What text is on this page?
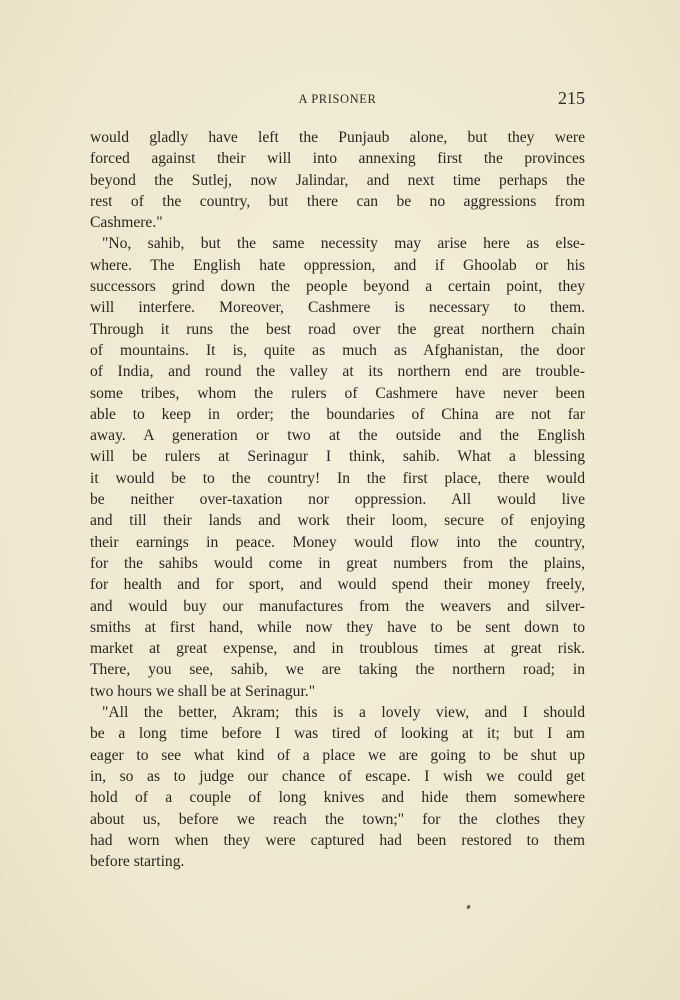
A PRISONER	215
would gladly have left the Punjaub alone, but they were
forced against their will into annexing first the provinces
beyond the Sutlej, now Jalindar, and next time perhaps the
rest of the country, but there can be no aggressions from
Cashmere."
"No, sahib, but the same necessity may arise here as else-
where. The English hate oppression, and if Ghoolab or his
successors grind down the people beyond a certain point, they
will interfere. Moreover, Cashmere is necessary to them.
Through it runs the best road over the great northern chain
of mountains. It is, quite as much as Afghanistan, the door
of India, and round the valley at its northern end are trouble-
some tribes, whom the rulers of Cashmere have never been
able to keep in order; the boundaries of China are not far
away. A generation or two at the outside and the English
will be rulers at Serinagur I think, sahib. What a blessing
it would be to the country! In the first place, there would
be neither over-taxation nor oppression. All would live
and till their lands and work their loom, secure of enjoying
their earnings in peace. Money would flow into the country,
for the sahibs would come in great numbers from the plains,
for health and for sport, and would spend their money freely,
and would buy our manufactures from the weavers and silver-
smiths at first hand, while now they have to be sent down to
market at great expense, and in troublous times at great risk.
There, you see, sahib, we are taking the northern road; in
two hours we shall be at Serinagur."
"All the better, Akram; this is a lovely view, and I should
be a long time before I was tired of looking at it; but I am
eager to see what kind of a place we are going to be shut up
in, so as to judge our chance of escape. I wish we could get
hold of a couple of long knives and hide them somewhere
about us, before we reach the town;" for the clothes they
had worn when they were captured had been restored to them
before starting.
